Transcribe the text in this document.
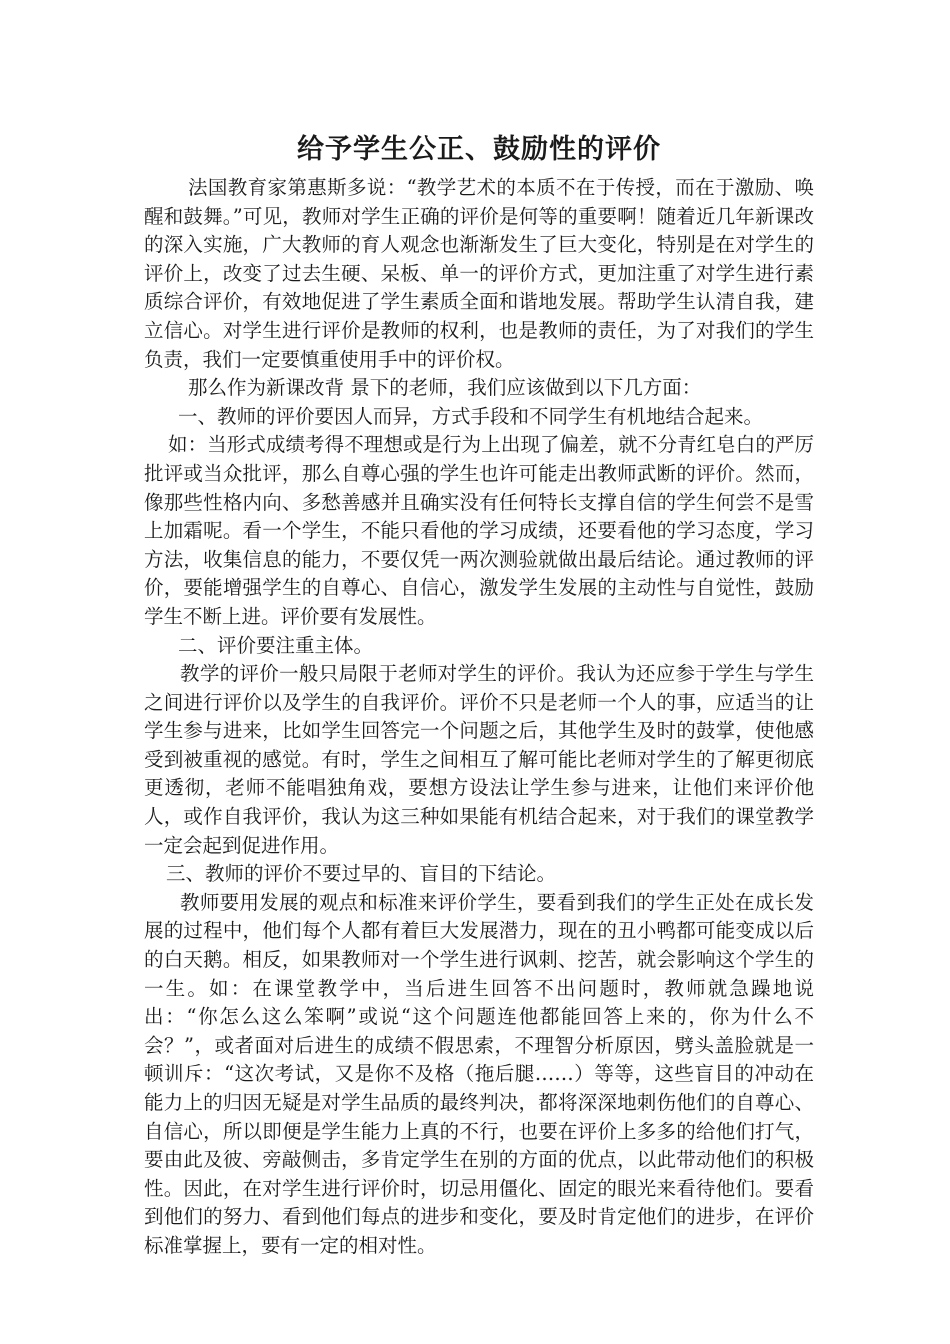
给予学生公正、鼓励性的评价

法国教育家第惠斯多说：“教学艺术的本质不在于传授，而在于激励、唤醒和鼓舞。”可见，教师对学生正确的评价是何等的重要啊！随着近几年新课改的深入实施，广大教师的育人观念也渐渐发生了巨大变化，特别是在对学生的评价上，改变了过去生硬、呆板、单一的评价方式，更加注重了对学生进行素质综合评价，有效地促进了学生素质全面和谐地发展。帮助学生认清自我，建立信心。对学生进行评价是教师的权利，也是教师的责任，为了对我们的学生负责，我们一定要慎重使用手中的评价权。

那么作为新课改背 景下的老师，我们应该做到以下几方面：

一、教师的评价要因人而异，方式手段和不同学生有机地结合起来。

如：当形式成绩考得不理想或是行为上出现了偏差，就不分青红皂白的严厉批评或当众批评，那么自尊心强的学生也许可能走出教师武断的评价。然而，像那些性格内向、多愁善感并且确实没有任何特长支撑自信的学生何尝不是雪上加霜呢。看一个学生，不能只看他的学习成绩，还要看他的学习态度，学习方法，收集信息的能力，不要仅凭一两次测验就做出最后结论。通过教师的评价，要能增强学生的自尊心、自信心，激发学生发展的主动性与自觉性，鼓励学生不断上进。评价要有发展性。

二、评价要注重主体。

教学的评价一般只局限于老师对学生的评价。我认为还应参于学生与学生之间进行评价以及学生的自我评价。评价不只是老师一个人的事，应适当的让学生参与进来，比如学生回答完一个问题之后，其他学生及时的鼓掌，使他感受到被重视的感觉。有时，学生之间相互了解可能比老师对学生的了解更彻底更透彻，老师不能唱独角戏，要想方设法让学生参与进来，让他们来评价他人，或作自我评价，我认为这三种如果能有机结合起来，对于我们的课堂教学一定会起到促进作用。

三、教师的评价不要过早的、盲目的下结论。

教师要用发展的观点和标准来评价学生，要看到我们的学生正处在成长发展的过程中，他们每个人都有着巨大发展潜力，现在的丑小鸭都可能变成以后的白天鹅。相反，如果教师对一个学生进行讽刺、挖苦，就会影响这个学生的一生。如：在课堂教学中，当后进生回答不出问题时，教师就急躁地说出：“你怎么这么笨啊”或说“这个问题连他都能回答上来的，你为什么不会？”，或者面对后进生的成绩不假思索，不理智分析原因，劈头盖脸就是一顿训斥：“这次考试，又是你不及格（拖后腿……）等等，这些盲目的冲动在能力上的归因无疑是对学生品质的最终判决，都将深深地刺伤他们的自尊心、自信心，所以即便是学生能力上真的不行，也要在评价上多多的给他们打气，要由此及彼、旁敲侧击，多肯定学生在别的方面的优点，以此带动他们的积极性。因此，在对学生进行评价时，切忌用僵化、固定的眼光来看待他们。要看到他们的努力、看到他们每点的进步和变化，要及时肯定他们的进步，在评价标准掌握上，要有一定的相对性。
